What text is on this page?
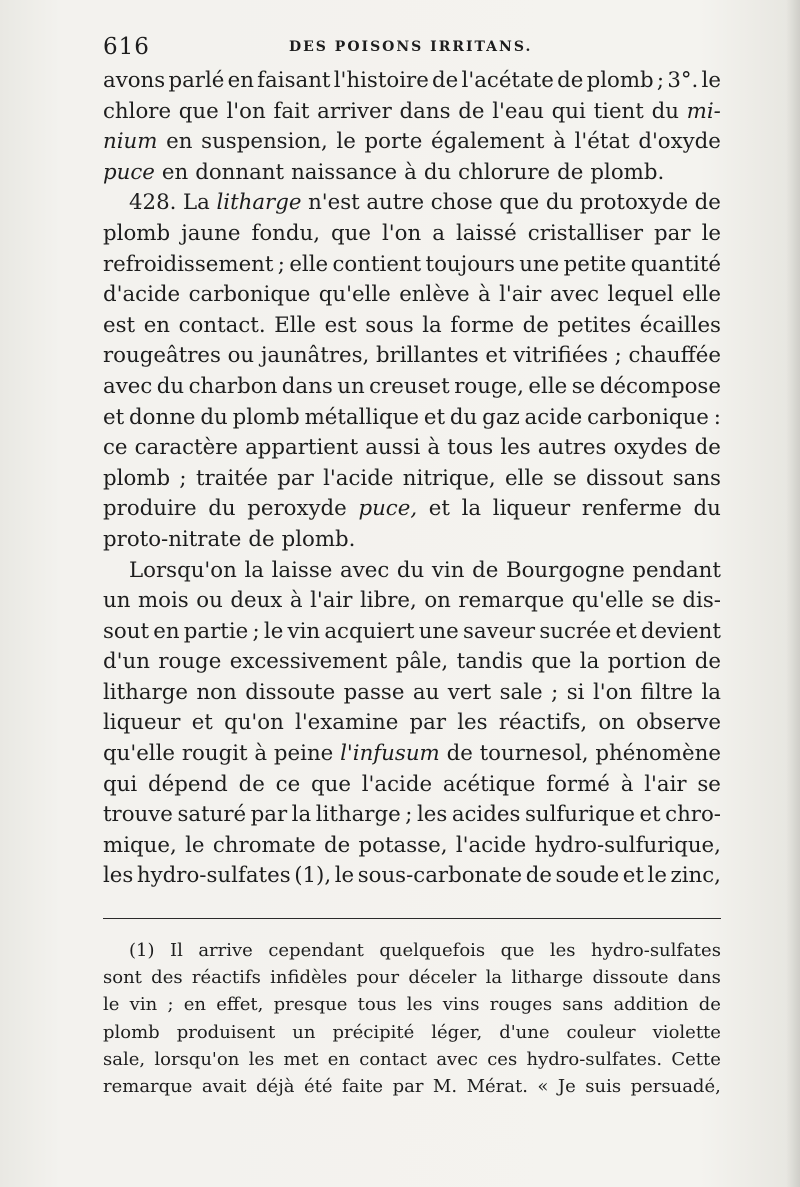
616	DES POISONS IRRITANS.
avons parlé en faisant l'histoire de l'acétate de plomb ; 3°. le
chlore que l'on fait arriver dans de l'eau qui tient du mi-
nium en suspension, le porte également à l'état d'oxyde
puce en donnant naissance à du chlorure de plomb.
428. La litharge n'est autre chose que du protoxyde de
plomb jaune fondu, que l'on a laissé cristalliser par le
refroidissement ; elle contient toujours une petite quantité
d'acide carbonique qu'elle enlève à l'air avec lequel elle
est en contact. Elle est sous la forme de petites écailles
rougeâtres ou jaunâtres, brillantes et vitrifiées ; chauffée
avec du charbon dans un creuset rouge, elle se décompose
et donne du plomb métallique et du gaz acide carbonique :
ce caractère appartient aussi à tous les autres oxydes de
plomb ; traitée par l'acide nitrique, elle se dissout sans
produire du peroxyde puce, et la liqueur renferme du
proto-nitrate de plomb.
Lorsqu'on la laisse avec du vin de Bourgogne pendant
un mois ou deux à l'air libre, on remarque qu'elle se dis-
sout en partie ; le vin acquiert une saveur sucrée et devient
d'un rouge excessivement pâle, tandis que la portion de
litharge non dissoute passe au vert sale ; si l'on filtre la
liqueur et qu'on l'examine par les réactifs, on observe
qu'elle rougit à peine l'infusum de tournesol, phénomène
qui dépend de ce que l'acide acétique formé à l'air se
trouve saturé par la litharge ; les acides sulfurique et chro-
mique, le chromate de potasse, l'acide hydro-sulfurique,
les hydro-sulfates (1), le sous-carbonate de soude et le zinc,
(1) Il arrive cependant quelquefois que les hydro-sulfates
sont des réactifs infidèles pour déceler la litharge dissoute dans
le vin ; en effet, presque tous les vins rouges sans addition de
plomb produisent un précipité léger, d'une couleur violette
sale, lorsqu'on les met en contact avec ces hydro-sulfates. Cette
remarque avait déjà été faite par M. Mérat. « Je suis persuadé,
